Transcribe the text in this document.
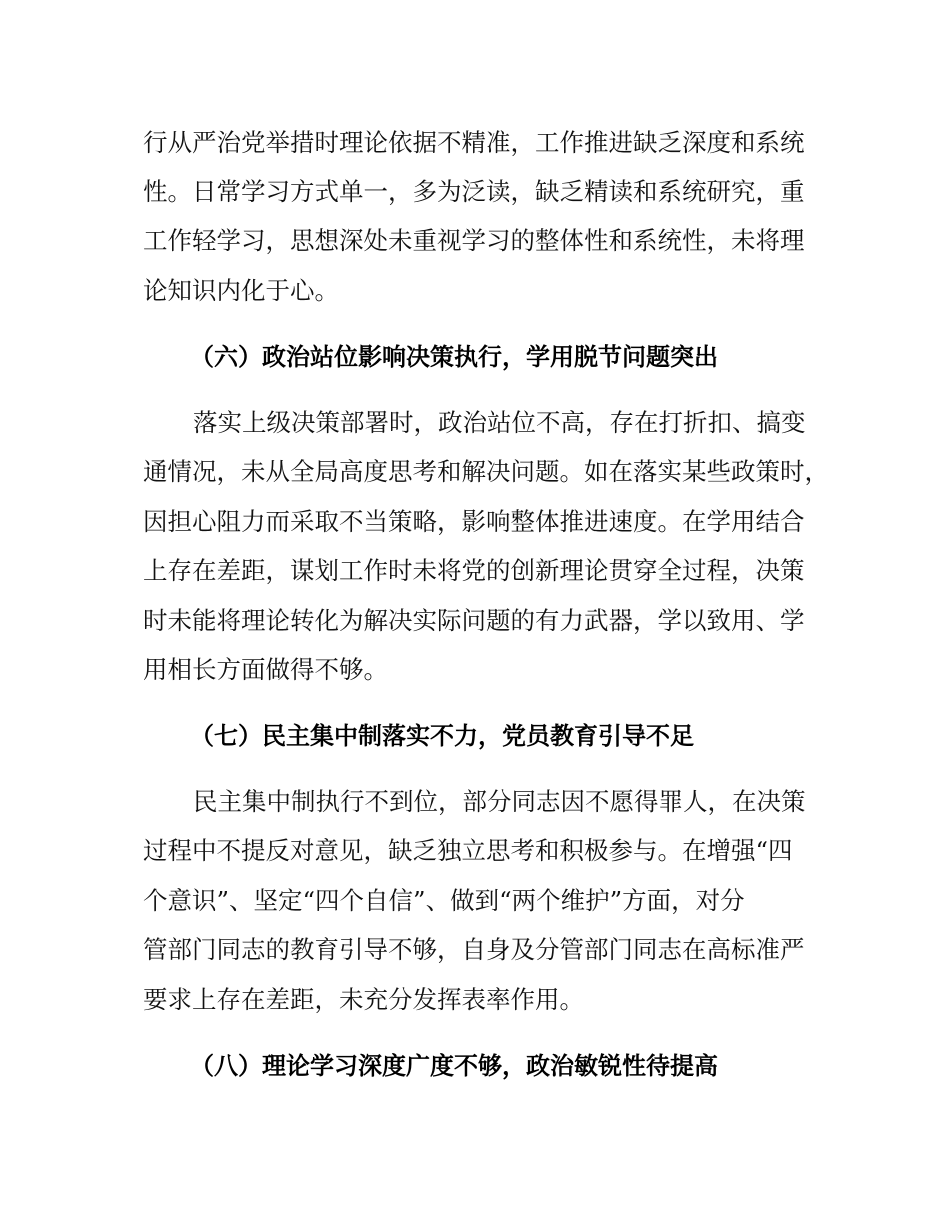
行从严治党举措时理论依据不精准，工作推进缺乏深度和系统
性。日常学习方式单一，多为泛读，缺乏精读和系统研究，重
工作轻学习，思想深处未重视学习的整体性和系统性，未将理
论知识内化于心。
（六）政治站位影响决策执行，学用脱节问题突出
落实上级决策部署时，政治站位不高，存在打折扣、搞变
通情况，未从全局高度思考和解决问题。如在落实某些政策时，
因担心阻力而采取不当策略，影响整体推进速度。在学用结合
上存在差距，谋划工作时未将党的创新理论贯穿全过程，决策
时未能将理论转化为解决实际问题的有力武器，学以致用、学
用相长方面做得不够。
（七）民主集中制落实不力，党员教育引导不足
民主集中制执行不到位，部分同志因不愿得罪人，在决策
过程中不提反对意见，缺乏独立思考和积极参与。在增强“四
个意识”、坚定“四个自信”、做到“两个维护”方面，对分
管部门同志的教育引导不够，自身及分管部门同志在高标准严
要求上存在差距，未充分发挥表率作用。
（八）理论学习深度广度不够，政治敏锐性待提高
